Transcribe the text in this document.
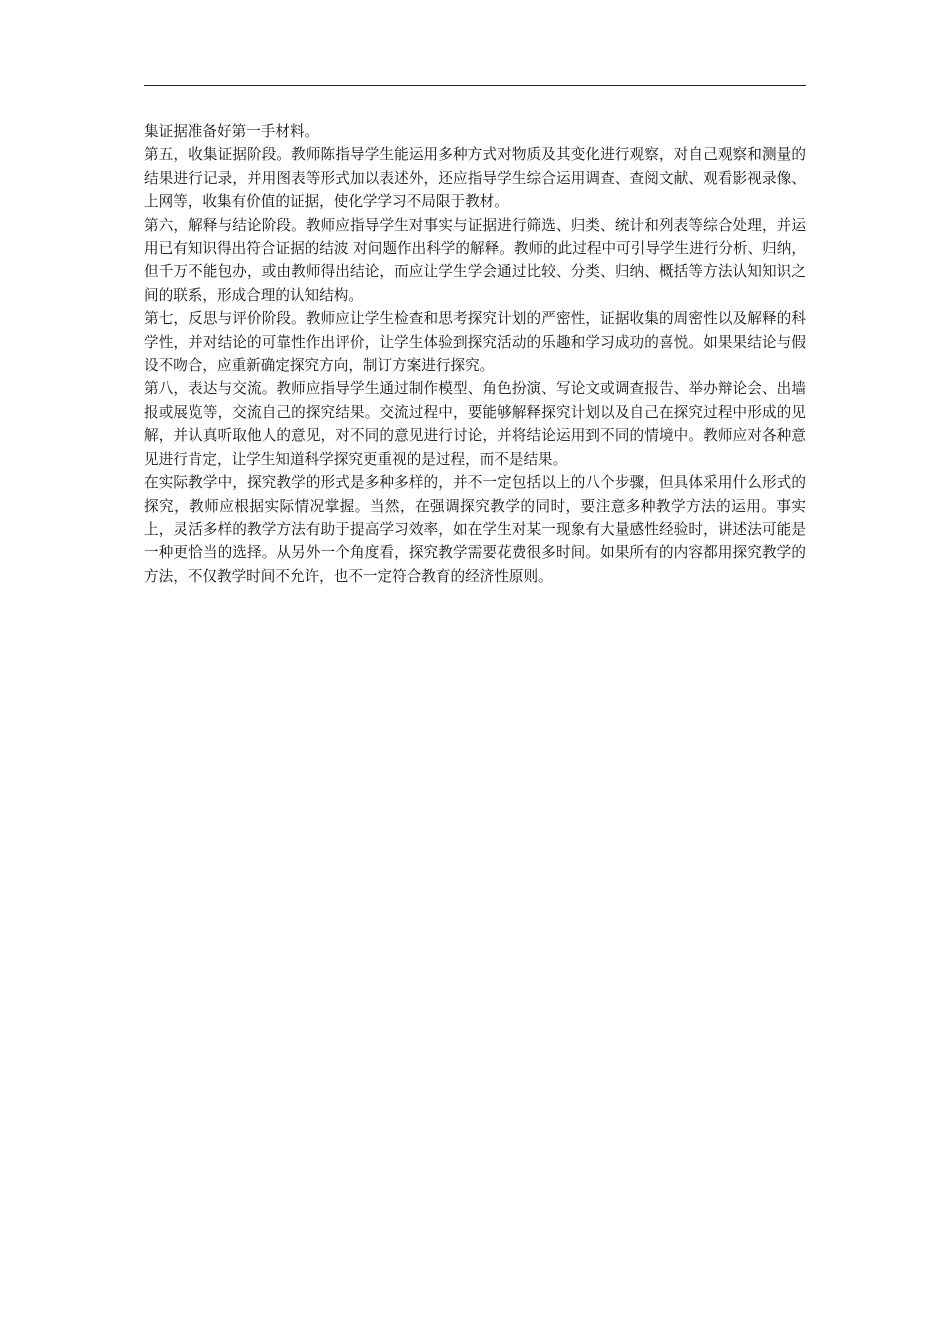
集证据准备好第一手材料。

第五，收集证据阶段。教师陈指导学生能运用多种方式对物质及其变化进行观察，对自己观察和测量的结果进行记录，并用图表等形式加以表述外，还应指导学生综合运用调查、查阅文献、观看影视录像、上网等，收集有价值的证据，使化学学习不局限于教材。

第六，解释与结论阶段。教师应指导学生对事实与证据进行筛选、归类、统计和列表等综合处理，并运用已有知识得出符合证据的结波 对问题作出科学的解释。教师的此过程中可引导学生进行分析、归纳，但千万不能包办，或由教师得出结论，而应让学生学会通过比较、分类、归纳、概括等方法认知知识之间的联系，形成合理的认知结构。

第七，反思与评价阶段。教师应让学生检查和思考探究计划的严密性，证据收集的周密性以及解释的科学性，并对结论的可靠性作出评价，让学生体验到探究活动的乐趣和学习成功的喜悦。如果果结论与假设不吻合，应重新确定探究方向，制订方案进行探究。

第八，表达与交流。教师应指导学生通过制作模型、角色扮演、写论文或调查报告、举办辩论会、出墙报或展览等，交流自己的探究结果。交流过程中，要能够解释探究计划以及自己在探究过程中形成的见解，并认真听取他人的意见，对不同的意见进行讨论，并将结论运用到不同的情境中。教师应对各种意见进行肯定，让学生知道科学探究更重视的是过程，而不是结果。

在实际教学中，探究教学的形式是多种多样的，并不一定包括以上的八个步骤，但具体采用什么形式的探究，教师应根据实际情况掌握。当然，在强调探究教学的同时，要注意多种教学方法的运用。事实上，灵活多样的教学方法有助于提高学习效率，如在学生对某一现象有大量感性经验时，讲述法可能是一种更恰当的选择。从另外一个角度看，探究教学需要花费很多时间。如果所有的内容都用探究教学的方法，不仅教学时间不允许，也不一定符合教育的经济性原则。
